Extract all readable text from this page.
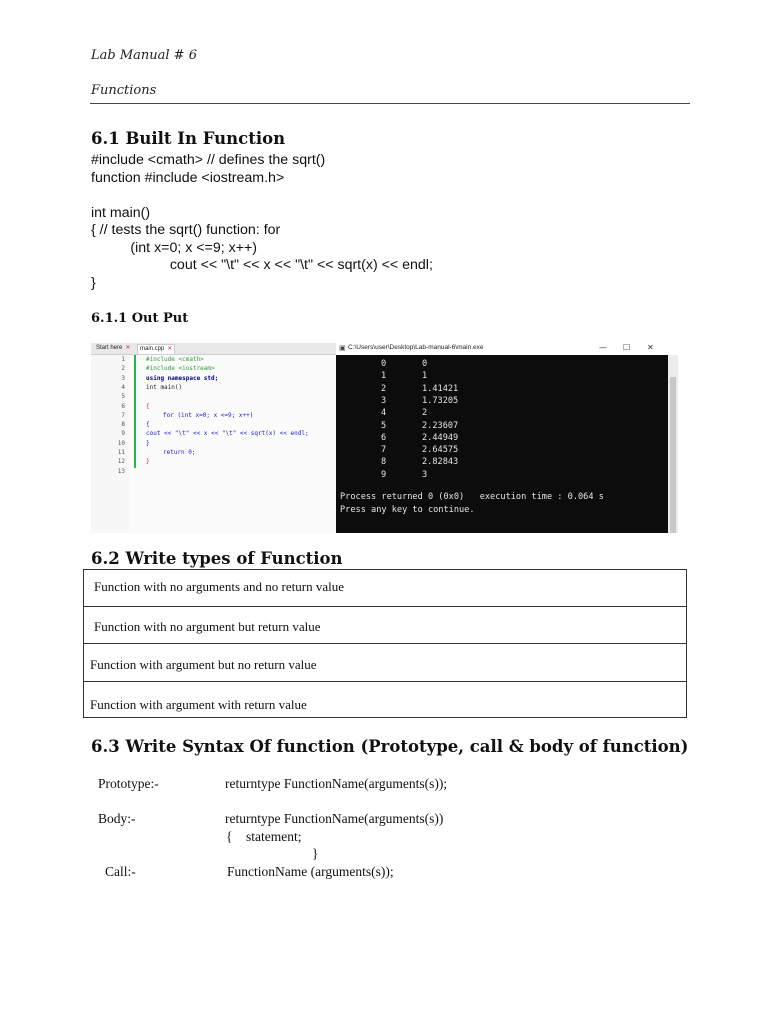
Lab Manual # 6
Functions
6.1 Built In Function
#include <cmath> // defines the sqrt()
function #include <iostream.h>
int main()
{ // tests the sqrt() function: for
(int x=0; x <=9; x++)
cout << "\t" << x << "\t" << sqrt(x) << endl;
}
6.1.1 Out Put
Start here ✕	main.cpp ✕
1
2
3
4
5
6
7
8
9
10
11
12
13
#include <cmath>
#include <iostream>
using namespace std;
int main()
{
for (int x=0; x <=9; x++)
{
cout << "\t" << x << "\t" << sqrt(x) << endl;
}
return 0;
}
▣ C:\Users\user\Desktop\Lab-manual-6\main.exe	— ☐ ✕
0	0
1	1
2	1.41421
3	1.73205
4	2
5	2.23607
6	2.44949
7	2.64575
8	2.82843
9	3
Process returned 0 (0x0)   execution time : 0.064 s
Press any key to continue.
6.2 Write types of Function
Function with no arguments and no return value
Function with no argument but return value
Function with argument but no return value
Function with argument with return value
6.3 Write Syntax Of function (Prototype, call & body of function)
Prototype:-	returntype FunctionName(arguments(s));
Body:-	returntype FunctionName(arguments(s))
{    statement;
}
Call:-	FunctionName (arguments(s));
